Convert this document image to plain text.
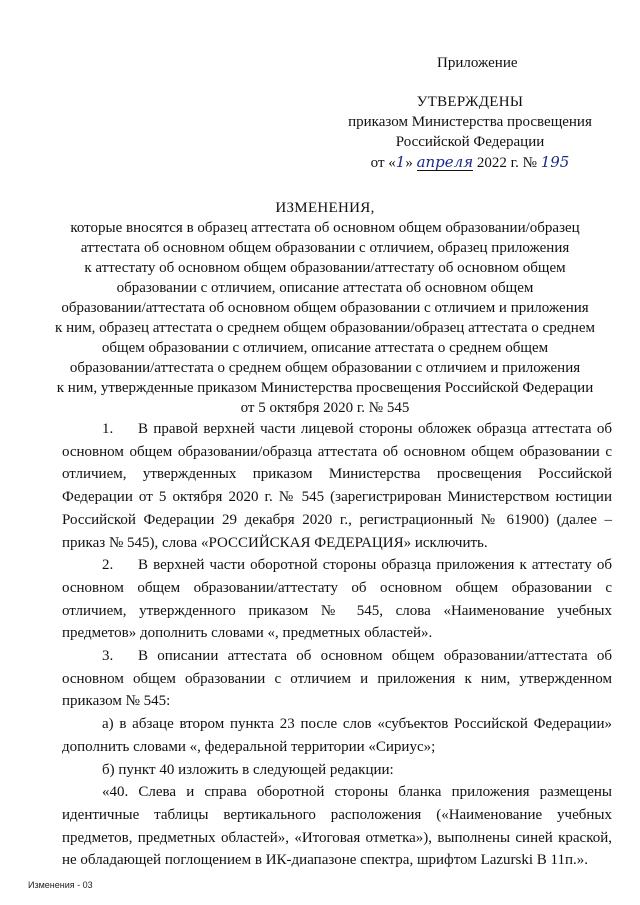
Приложение
УТВЕРЖДЕНЫ
приказом Министерства просвещения
Российской Федерации
от «1» апреля 2022 г. № 195
ИЗМЕНЕНИЯ,
которые вносятся в образец аттестата об основном общем образовании/образец
аттестата об основном общем образовании с отличием, образец приложения
к аттестату об основном общем образовании/аттестату об основном общем
образовании с отличием, описание аттестата об основном общем
образовании/аттестата об основном общем образовании с отличием и приложения
к ним, образец аттестата о среднем общем образовании/образец аттестата о среднем
общем образовании с отличием, описание аттестата о среднем общем
образовании/аттестата о среднем общем образовании с отличием и приложения
к ним, утвержденные приказом Министерства просвещения Российской Федерации
от 5 октября 2020 г. № 545

1. В правой верхней части лицевой стороны обложек образца аттестата об основном общем образовании/образца аттестата об основном общем образовании с отличием, утвержденных приказом Министерства просвещения Российской Федерации от 5 октября 2020 г. № 545 (зарегистрирован Министерством юстиции Российской Федерации 29 декабря 2020 г., регистрационный № 61900) (далее – приказ № 545), слова «РОССИЙСКАЯ ФЕДЕРАЦИЯ» исключить.

2. В верхней части оборотной стороны образца приложения к аттестату об основном общем образовании/аттестату об основном общем образовании с отличием, утвержденного приказом № 545, слова «Наименование учебных предметов» дополнить словами «, предметных областей».

3. В описании аттестата об основном общем образовании/аттестата об основном общем образовании с отличием и приложения к ним, утвержденном приказом № 545:

а) в абзаце втором пункта 23 после слов «субъектов Российской Федерации» дополнить словами «, федеральной территории «Сириус»;

б) пункт 40 изложить в следующей редакции:

«40. Слева и справа оборотной стороны бланка приложения размещены идентичные таблицы вертикального расположения («Наименование учебных предметов, предметных областей», «Итоговая отметка»), выполнены синей краской, не обладающей поглощением в ИК-диапазоне спектра, шрифтом Lazurski B 11п.».

Изменения - 03
